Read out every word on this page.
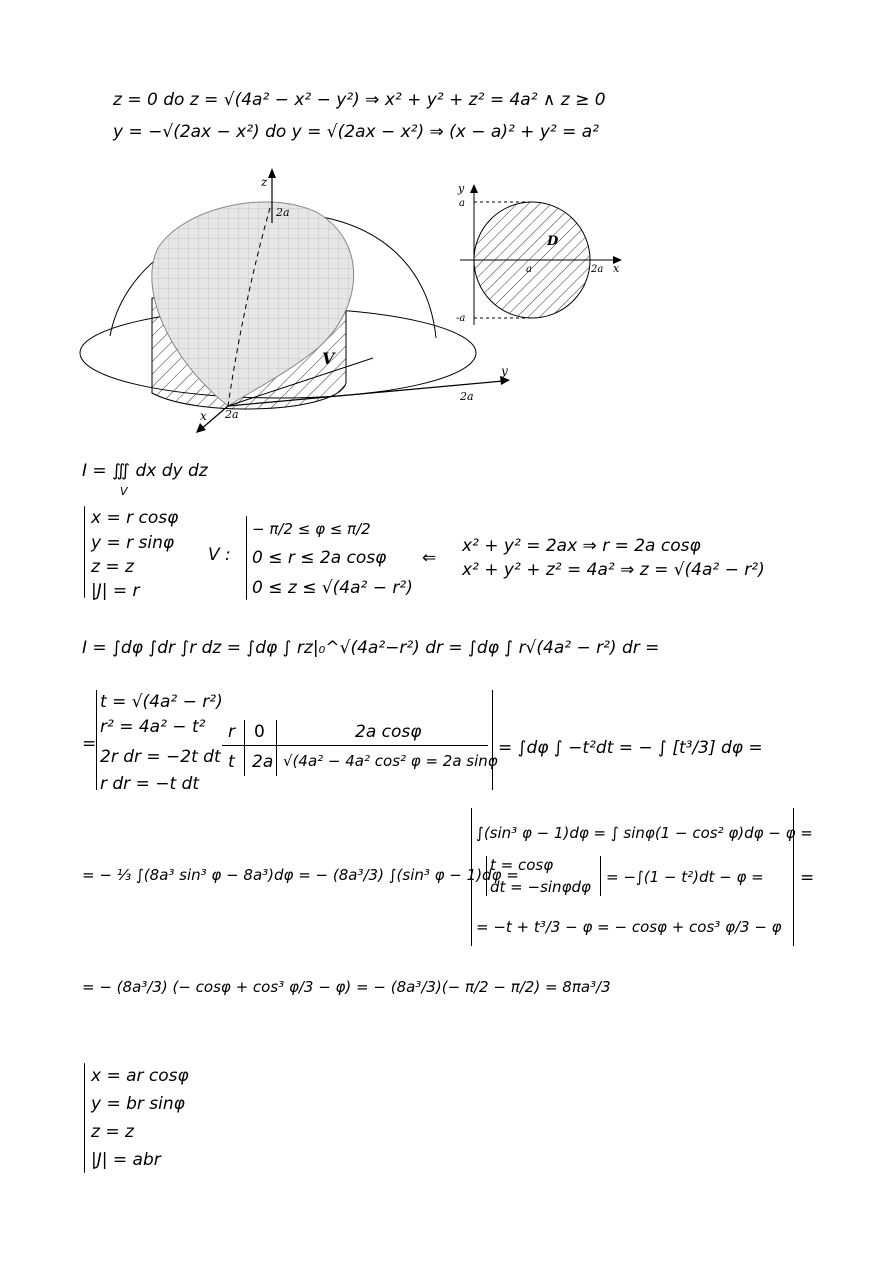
z = 0 do z = √(4a² − x² − y²) ⇒ x² + y² + z² = 4a² ∧ z ≥ 0
y = −√(2ax − x²) do y = √(2ax − x²) ⇒ (x − a)² + y² = a²
z
2a
y
2a
x 2a
V
y
a
-a
a	2a x
D
I = ∭ dx dy dz
V
x = r cosφ
y = r sinφ
z = z
|J| = r
V :
− π/2 ≤ φ ≤ π/2
0 ≤ r ≤ 2a cosφ
0 ≤ z ≤ √(4a² − r²)
⇐
x² + y² = 2ax ⇒ r = 2a cosφ
x² + y² + z² = 4a² ⇒ z = √(4a² − r²)
I = ∫dφ ∫dr ∫r dz = ∫dφ ∫ rz|₀^√(4a²−r²) dr = ∫dφ ∫ r√(4a² − r²) dr =
=
t = √(4a² − r²)
r² = 4a² − t²
2r dr = −2t dt
r dr = −t dt
r 0	2a cosφ
t 2a √(4a² − 4a² cos² φ = 2a sinφ
= ∫dφ ∫ −t²dt = − ∫ [t³/3] dφ =
= − ⅓ ∫(8a³ sin³ φ − 8a³)dφ = − (8a³/3) ∫(sin³ φ − 1)dφ =
∫(sin³ φ − 1)dφ = ∫ sinφ(1 − cos² φ)dφ − φ =
t = cosφ
dt = −sinφdφ
= −∫(1 − t²)dt − φ =
= −t + t³/3 − φ = − cosφ + cos³ φ/3 − φ
=
= − (8a³/3) (− cosφ + cos³ φ/3 − φ) = − (8a³/3)(− π/2 − π/2) = 8πa³/3
x = ar cosφ
y = br sinφ
z = z
|J| = abr
